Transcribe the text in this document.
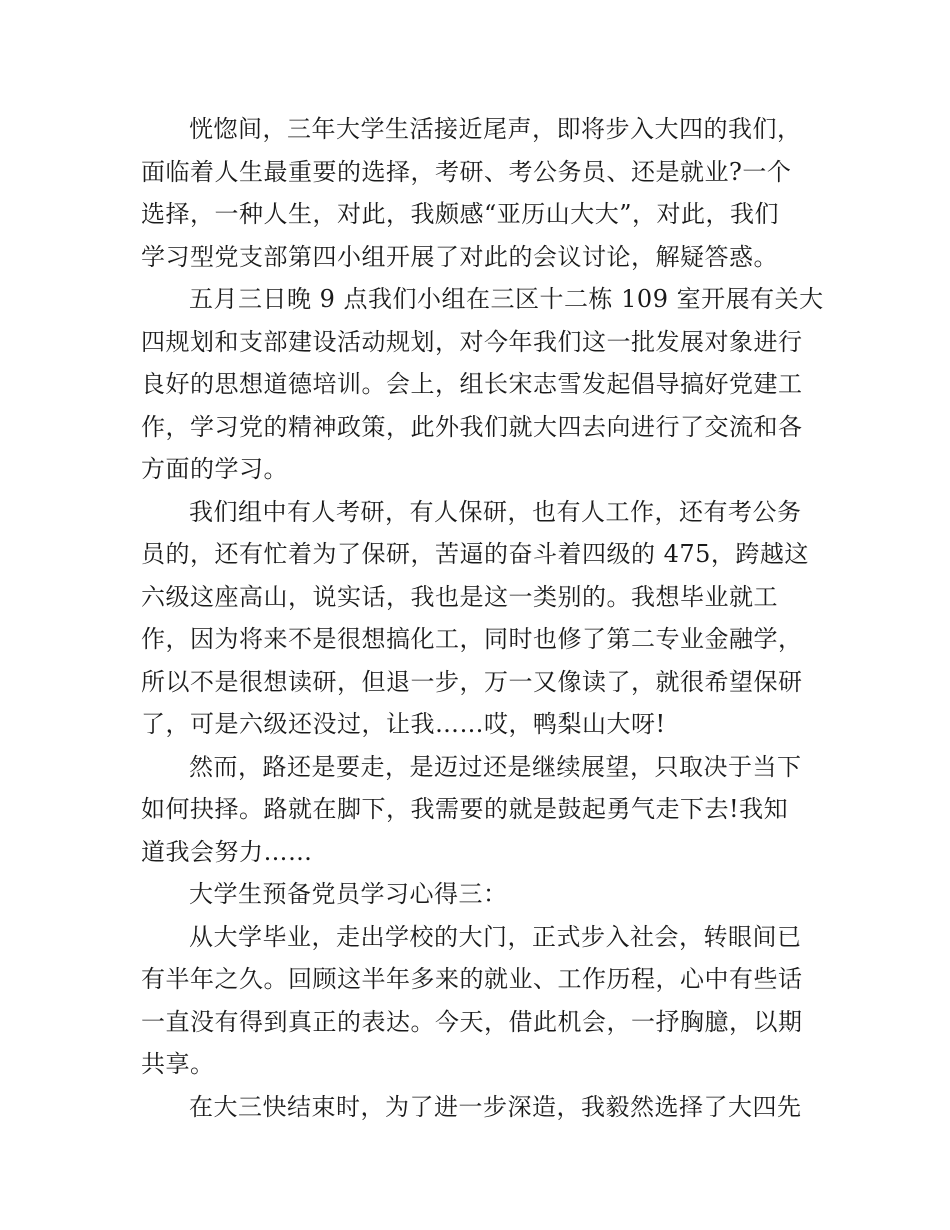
恍惚间，三年大学生活接近尾声，即将步入大四的我们，
面临着人生最重要的选择，考研、考公务员、还是就业?一个
选择，一种人生，对此，我颇感“亚历山大大”，对此，我们
学习型党支部第四小组开展了对此的会议讨论，解疑答惑。
五月三日晚 9 点我们小组在三区十二栋 109 室开展有关大
四规划和支部建设活动规划，对今年我们这一批发展对象进行
良好的思想道德培训。会上，组长宋志雪发起倡导搞好党建工
作，学习党的精神政策，此外我们就大四去向进行了交流和各
方面的学习。
我们组中有人考研，有人保研，也有人工作，还有考公务
员的，还有忙着为了保研，苦逼的奋斗着四级的 475，跨越这
六级这座高山，说实话，我也是这一类别的。我想毕业就工
作，因为将来不是很想搞化工，同时也修了第二专业金融学，
所以不是很想读研，但退一步，万一又像读了，就很希望保研
了，可是六级还没过，让我……哎，鸭梨山大呀!
然而，路还是要走，是迈过还是继续展望，只取决于当下
如何抉择。路就在脚下，我需要的就是鼓起勇气走下去!我知
道我会努力……
大学生预备党员学习心得三：
从大学毕业，走出学校的大门，正式步入社会，转眼间已
有半年之久。回顾这半年多来的就业、工作历程，心中有些话
一直没有得到真正的表达。今天，借此机会，一抒胸臆，以期
共享。
在大三快结束时，为了进一步深造，我毅然选择了大四先
